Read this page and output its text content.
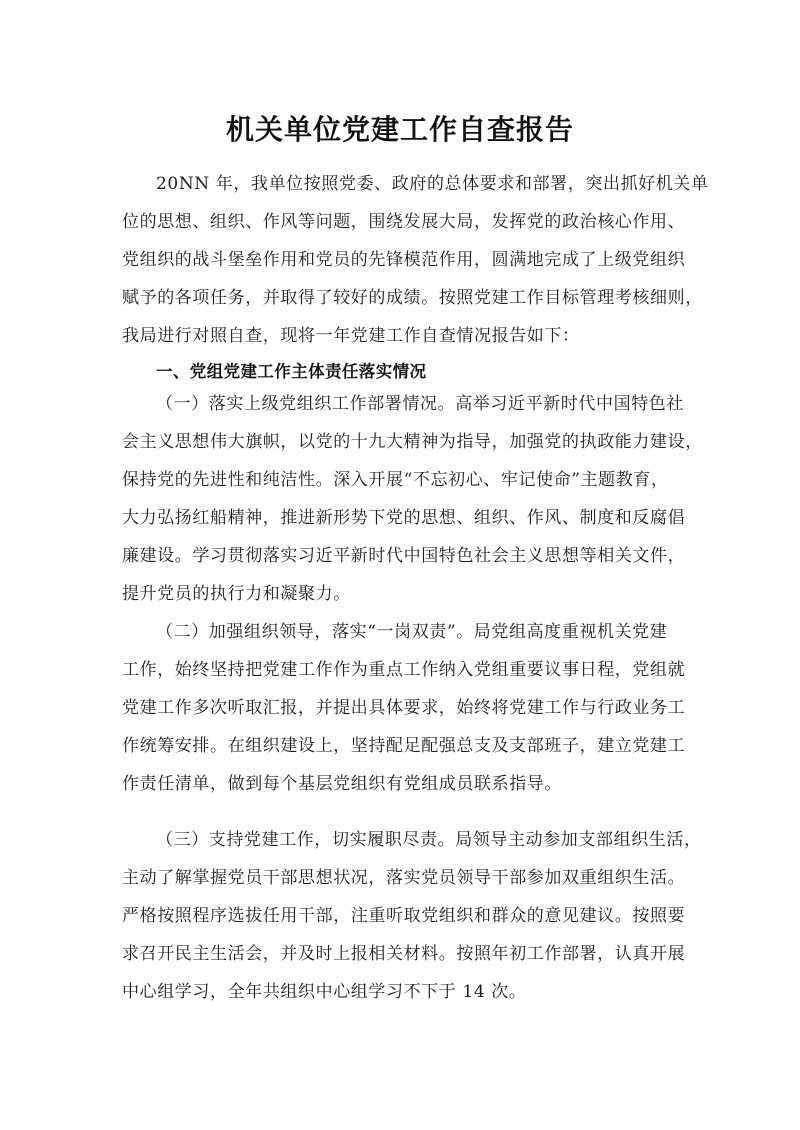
机关单位党建工作自查报告
20NN 年，我单位按照党委、政府的总体要求和部署，突出抓好机关单
位的思想、组织、作风等问题，围绕发展大局，发挥党的政治核心作用、
党组织的战斗堡垒作用和党员的先锋模范作用，圆满地完成了上级党组织
赋予的各项任务，并取得了较好的成绩。按照党建工作目标管理考核细则，
我局进行对照自查，现将一年党建工作自查情况报告如下：
一、党组党建工作主体责任落实情况
（一）落实上级党组织工作部署情况。高举习近平新时代中国特色社
会主义思想伟大旗帜，以党的十九大精神为指导，加强党的执政能力建设，
保持党的先进性和纯洁性。深入开展“不忘初心、牢记使命”主题教育，
大力弘扬红船精神，推进新形势下党的思想、组织、作风、制度和反腐倡
廉建设。学习贯彻落实习近平新时代中国特色社会主义思想等相关文件，
提升党员的执行力和凝聚力。
（二）加强组织领导，落实“一岗双责”。局党组高度重视机关党建
工作，始终坚持把党建工作作为重点工作纳入党组重要议事日程，党组就
党建工作多次听取汇报，并提出具体要求，始终将党建工作与行政业务工
作统筹安排。在组织建设上，坚持配足配强总支及支部班子，建立党建工
作责任清单，做到每个基层党组织有党组成员联系指导。
（三）支持党建工作，切实履职尽责。局领导主动参加支部组织生活，
主动了解掌握党员干部思想状况，落实党员领导干部参加双重组织生活。
严格按照程序选拔任用干部，注重听取党组织和群众的意见建议。按照要
求召开民主生活会，并及时上报相关材料。按照年初工作部署，认真开展
中心组学习，全年共组织中心组学习不下于 14 次。
